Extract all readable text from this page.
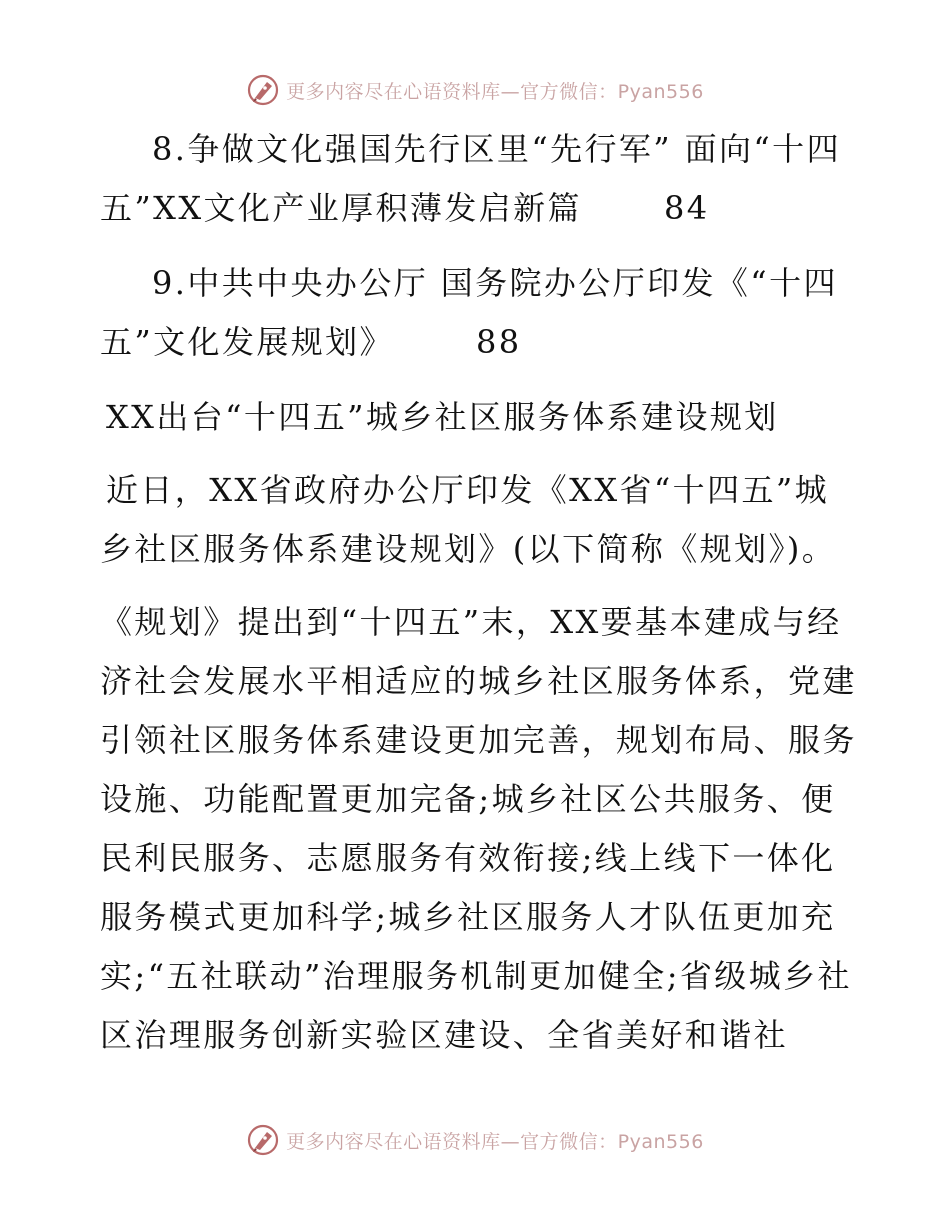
更多内容尽在心语资料库—官方微信：Pyan556

8.争做文化强国先行区里“先行军” 面向“十四五”XX文化产业厚积薄发启新篇	84

9.中共中央办公厅 国务院办公厅印发《“十四五”文化发展规划》	88

XX出台“十四五”城乡社区服务体系建设规划

近日，XX省政府办公厅印发《XX省“十四五”城乡社区服务体系建设规划》(以下简称《规划》)。

《规划》提出到“十四五”末，XX要基本建成与经济社会发展水平相适应的城乡社区服务体系，党建引领社区服务体系建设更加完善，规划布局、服务设施、功能配置更加完备;城乡社区公共服务、便民利民服务、志愿服务有效衔接;线上线下一体化服务模式更加科学;城乡社区服务人才队伍更加充实;“五社联动”治理服务机制更加健全;省级城乡社区治理服务创新实验区建设、全省美好和谐社

更多内容尽在心语资料库—官方微信：Pyan556
